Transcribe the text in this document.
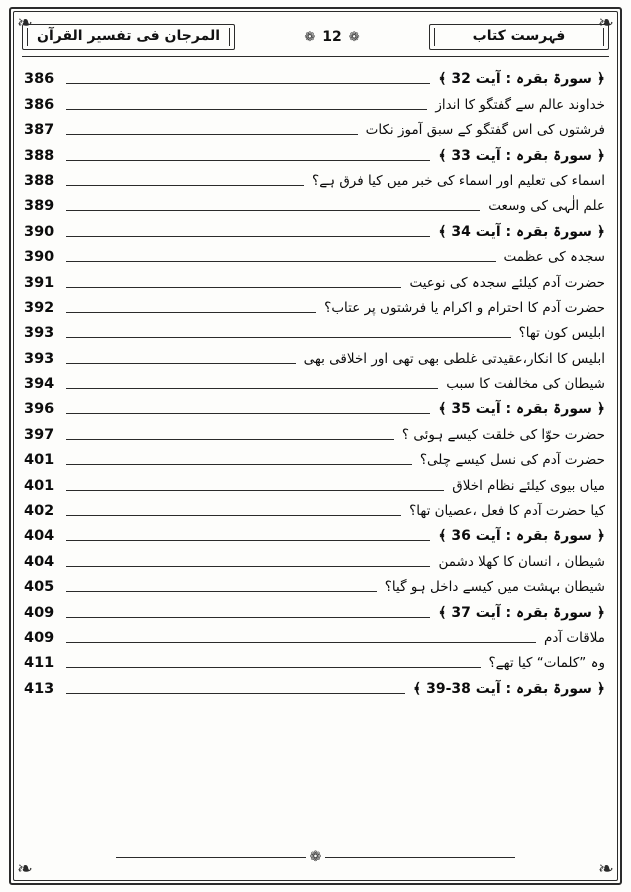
❧	❧
❧	❧
فہرست کتاب
❁
12
❁
المرجان فی تفسیر القرآن
﴿ سورۃ بقرہ : آیت 32 ﴾
386
خداوند عالم سے گفتگو کا انداز
386
فرشتوں کی اس گفتگو کے سبق آموز نکات
387
﴿ سورۃ بقرہ : آیت 33 ﴾
388
اسماء کی تعلیم اور اسماء کی خبر میں کیا فرق ہے؟
388
علم الٰہی کی وسعت
389
﴿ سورۃ بقرہ : آیت 34 ﴾
390
سجدہ کی عظمت
390
حضرت آدم کیلئے سجدہ کی نوعیت
391
حضرت آدم کا احترام و اکرام یا فرشتوں پر عتاب؟
392
ابلیس کون تھا؟
393
ابلیس کا انکار،عقیدتی غلطی بھی تھی اور اخلاقی بھی
393
شیطان کی مخالفت کا سبب
394
﴿ سورۃ بقرہ : آیت 35 ﴾
396
حضرت حوّا کی خلقت کیسے ہوئی ؟
397
حضرت آدم کی نسل کیسے چلی؟
401
میاں بیوی کیلئے نظام اخلاق
401
کیا حضرت آدم کا فعل ،عصیان تھا؟
402
﴿ سورۃ بقرہ : آیت 36 ﴾
404
شیطان ، انسان کا کھلا دشمن
404
شیطان بہشت میں کیسے داخل ہو گیا؟
405
﴿ سورۃ بقرہ : آیت 37 ﴾
409
ملاقات آدم
409
وہ ”کلمات“ کیا تھے؟
411
﴿ سورۃ بقرہ : آیت 38-39 ﴾
413
❁
